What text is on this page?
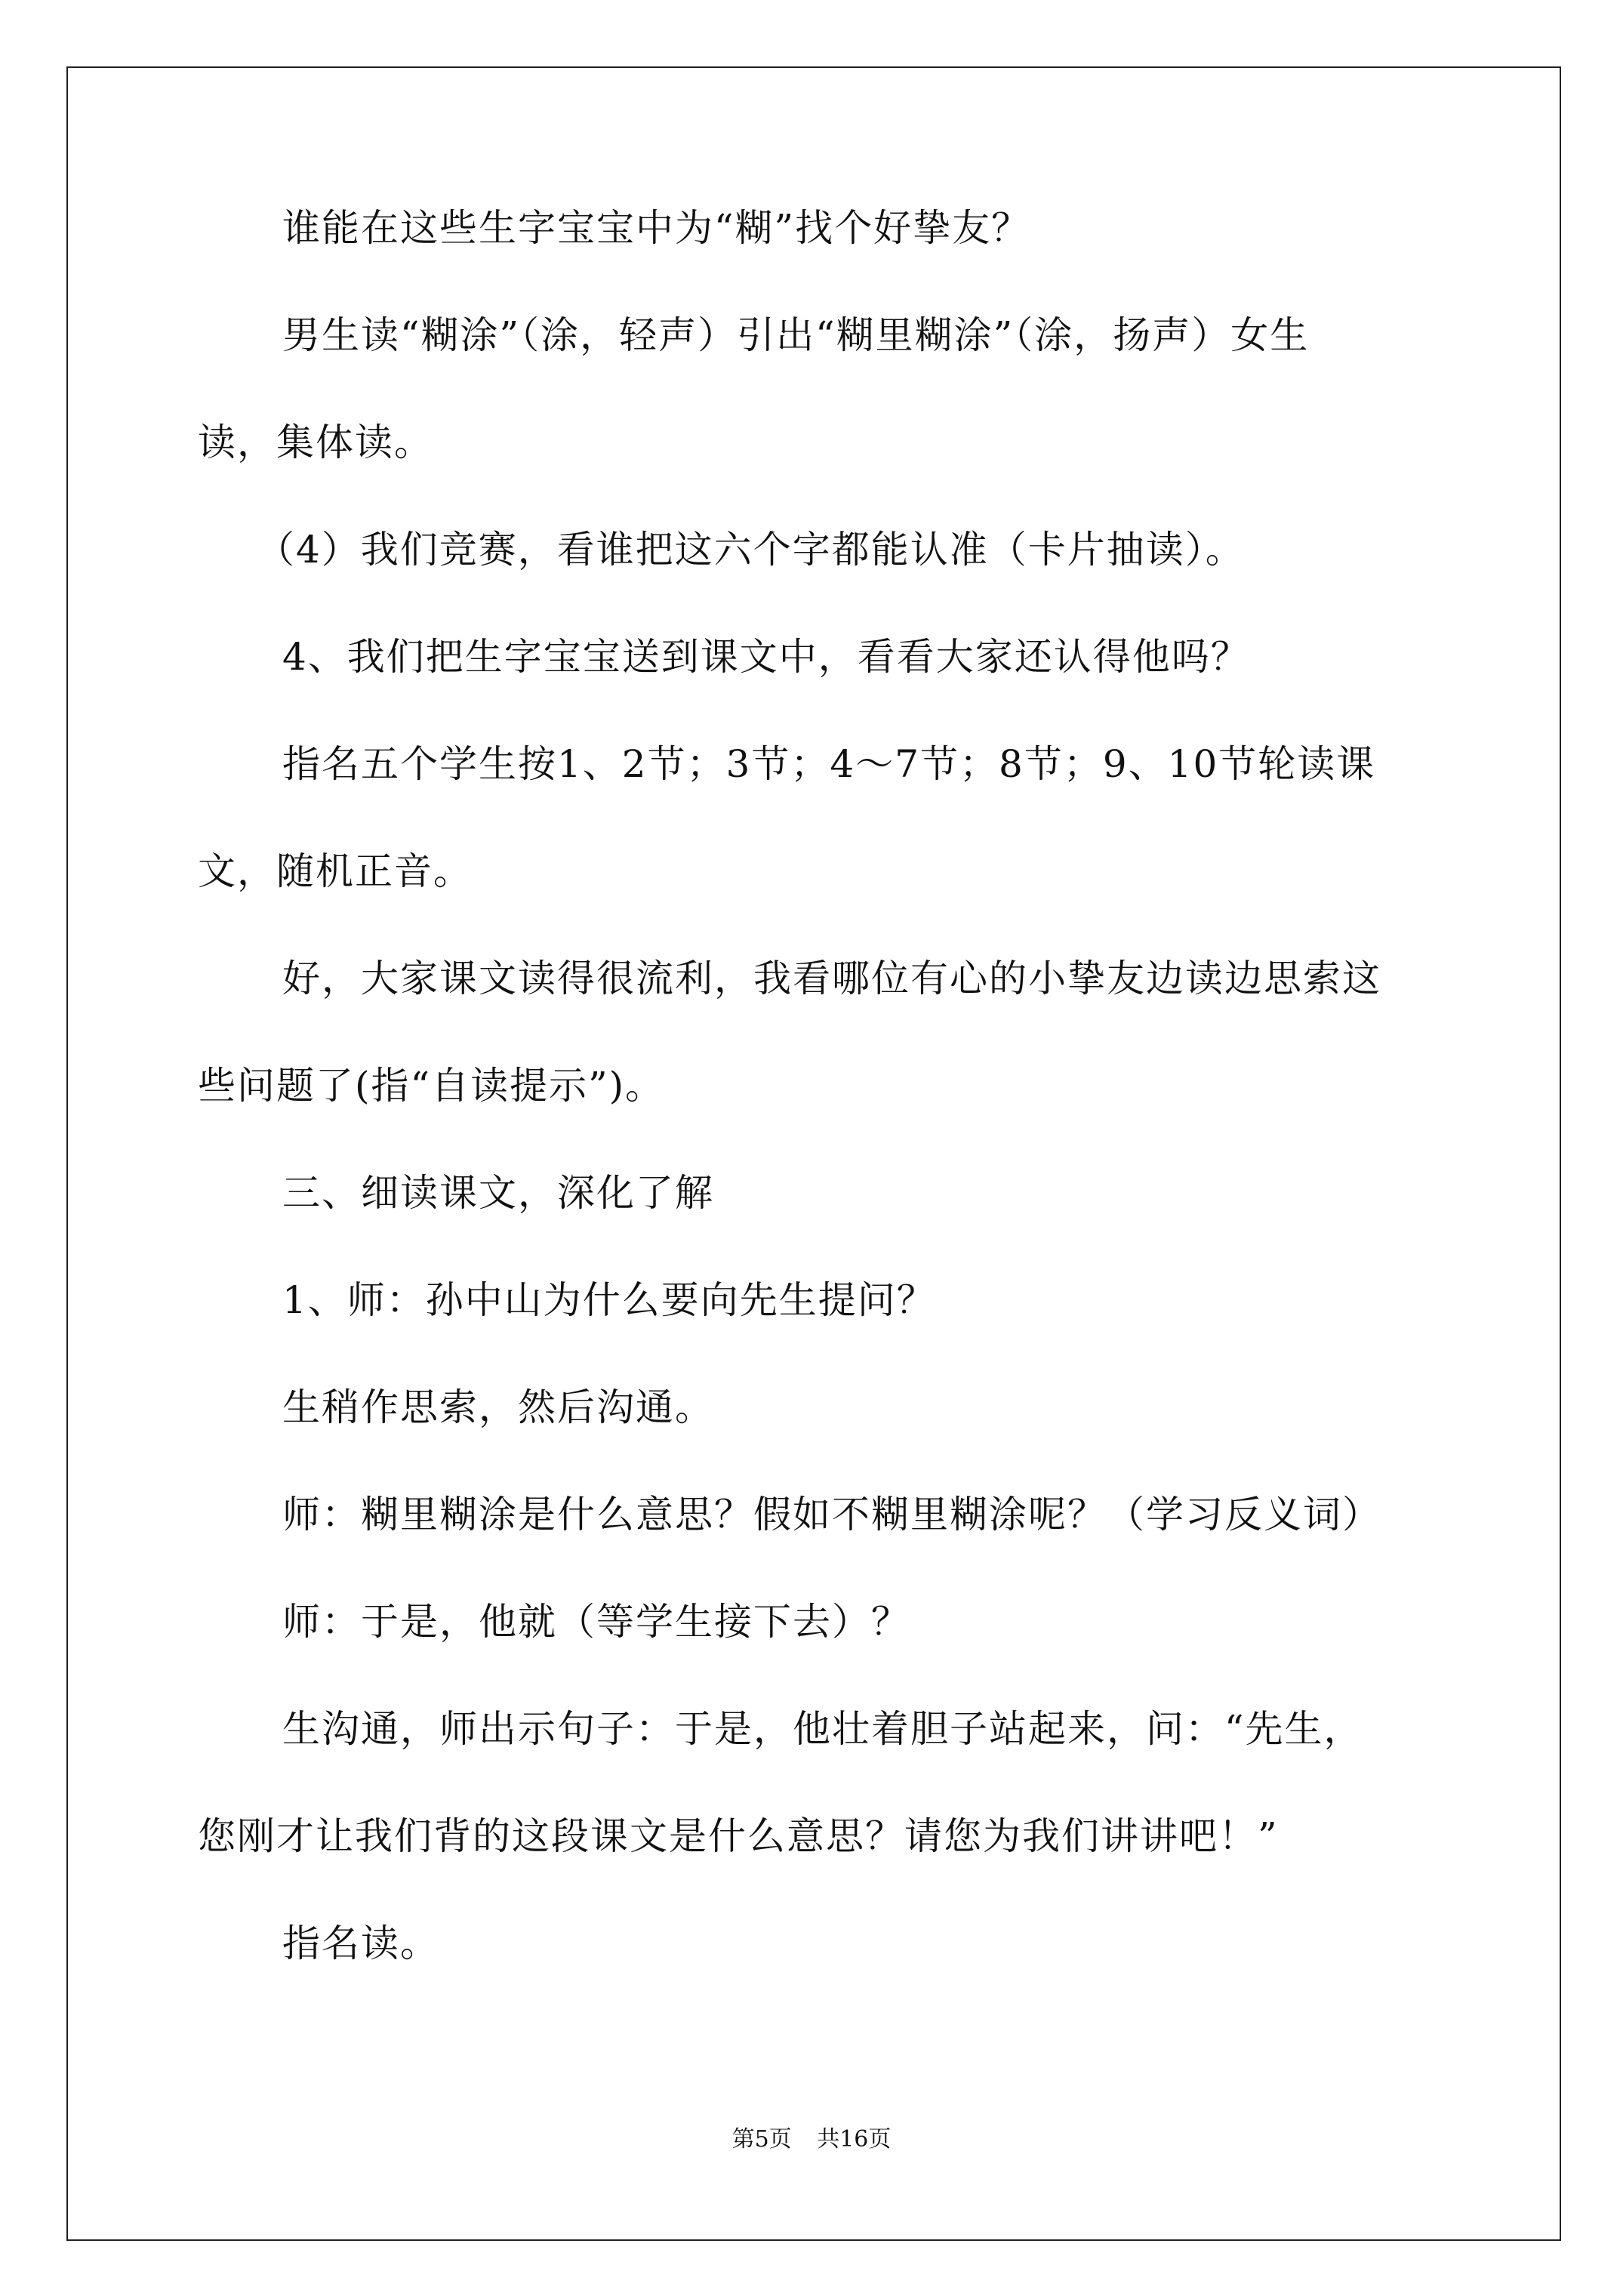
谁能在这些生字宝宝中为“糊”找个好挚友？
男生读“糊涂”（涂，轻声）引出“糊里糊涂”（涂，扬声）女生
读，集体读。
（4）我们竞赛，看谁把这六个字都能认准（卡片抽读）。
4、我们把生字宝宝送到课文中，看看大家还认得他吗？
指名五个学生按1、2节；3节；4～7节；8节；9、10节轮读课
文，随机正音。
好，大家课文读得很流利，我看哪位有心的小挚友边读边思索这
些问题了(指“自读提示”)。
三、细读课文，深化了解
1、师：孙中山为什么要向先生提问？
生稍作思索，然后沟通。
师：糊里糊涂是什么意思？假如不糊里糊涂呢？（学习反义词）
师：于是，他就（等学生接下去）？
生沟通，师出示句子：于是，他壮着胆子站起来，问：“先生，
您刚才让我们背的这段课文是什么意思？请您为我们讲讲吧！”
指名读。
第5页 共16页
